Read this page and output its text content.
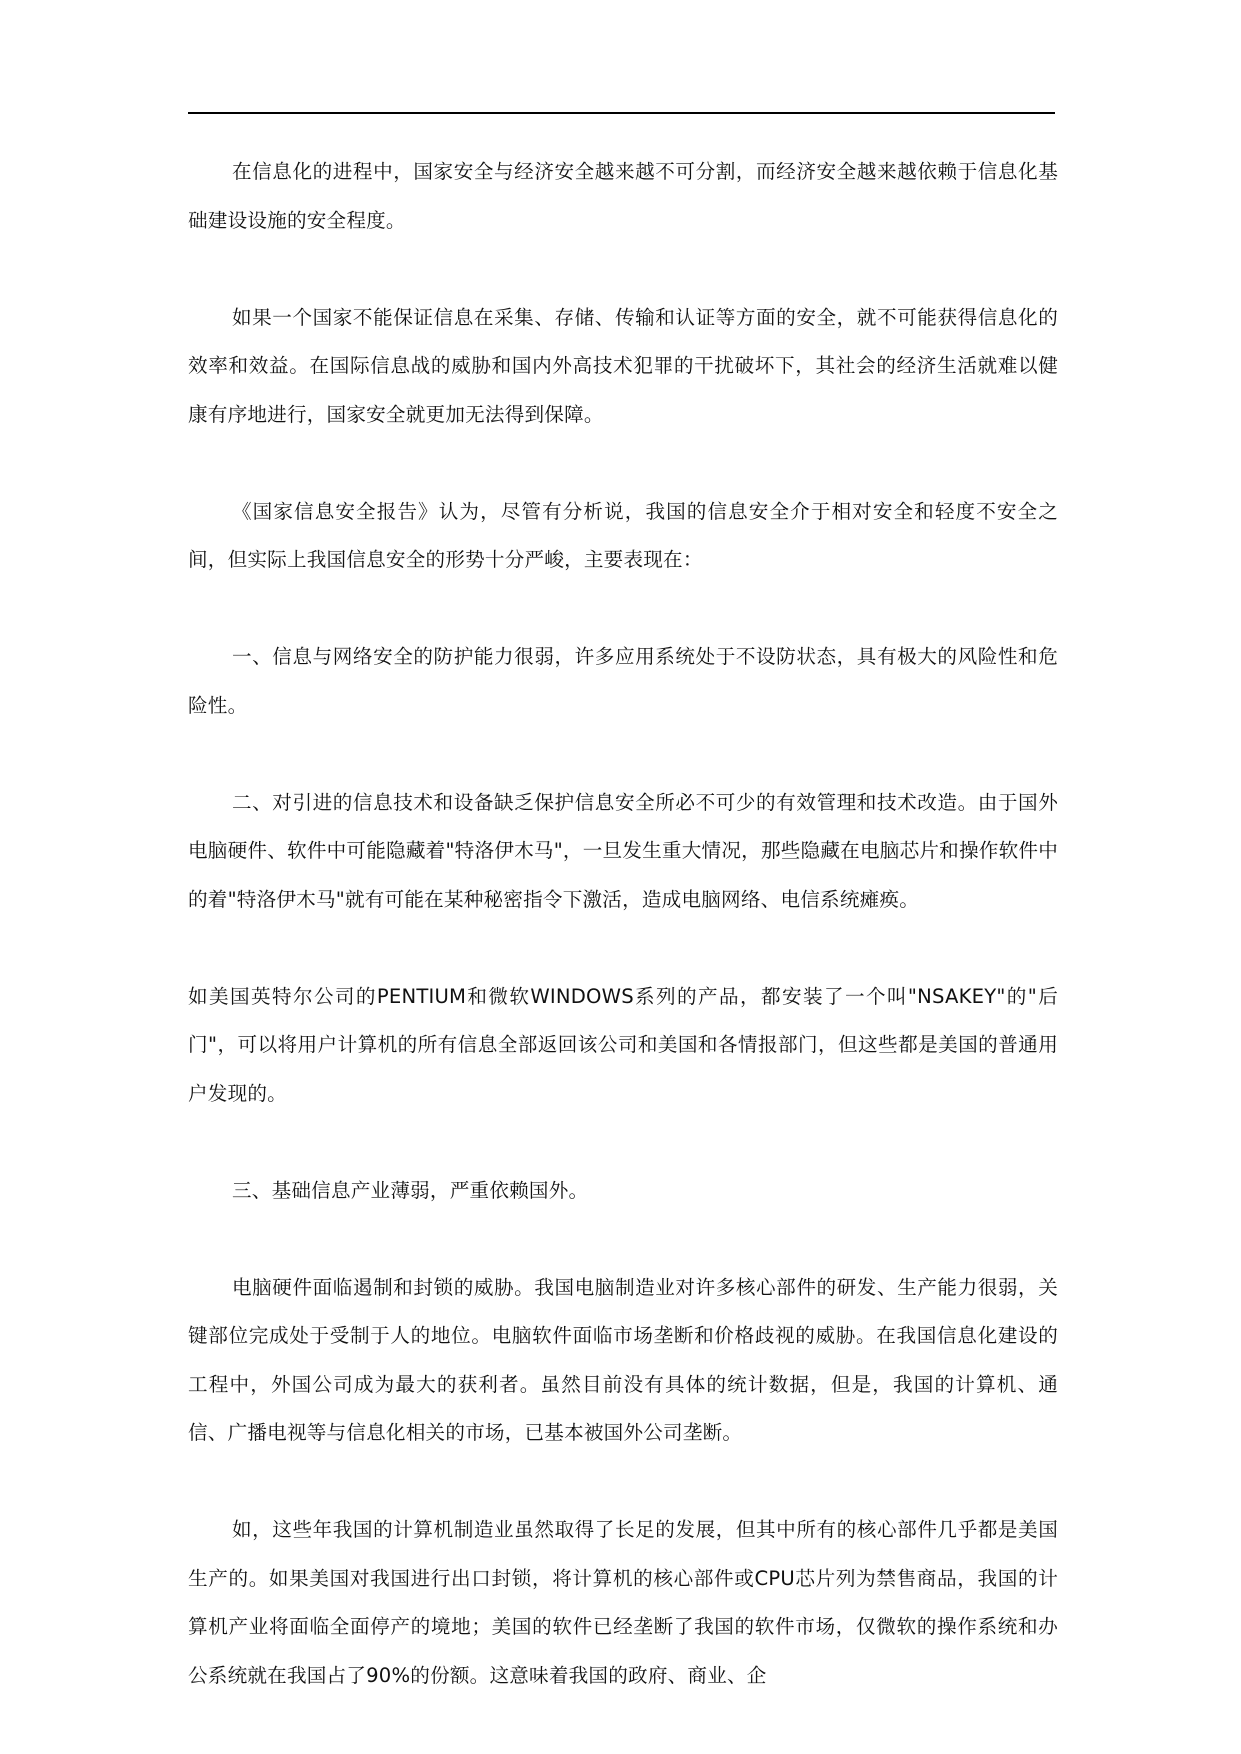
在信息化的进程中，国家安全与经济安全越来越不可分割，而经济安全越来越依赖于信息化基础建设设施的安全程度。

如果一个国家不能保证信息在采集、存储、传输和认证等方面的安全，就不可能获得信息化的效率和效益。在国际信息战的威胁和国内外高技术犯罪的干扰破坏下，其社会的经济生活就难以健康有序地进行，国家安全就更加无法得到保障。

《国家信息安全报告》认为，尽管有分析说，我国的信息安全介于相对安全和轻度不安全之间，但实际上我国信息安全的形势十分严峻，主要表现在：

一、信息与网络安全的防护能力很弱，许多应用系统处于不设防状态，具有极大的风险性和危险性。

二、对引进的信息技术和设备缺乏保护信息安全所必不可少的有效管理和技术改造。由于国外电脑硬件、软件中可能隐藏着"特洛伊木马"，一旦发生重大情况，那些隐藏在电脑芯片和操作软件中的着"特洛伊木马"就有可能在某种秘密指令下激活，造成电脑网络、电信系统瘫痪。

如美国英特尔公司的PENTIUM和微软WINDOWS系列的产品，都安装了一个叫"NSAKEY"的"后门"，可以将用户计算机的所有信息全部返回该公司和美国和各情报部门，但这些都是美国的普通用户发现的。

三、基础信息产业薄弱，严重依赖国外。

电脑硬件面临遏制和封锁的威胁。我国电脑制造业对许多核心部件的研发、生产能力很弱，关键部位完成处于受制于人的地位。电脑软件面临市场垄断和价格歧视的威胁。在我国信息化建设的工程中，外国公司成为最大的获利者。虽然目前没有具体的统计数据，但是，我国的计算机、通信、广播电视等与信息化相关的市场，已基本被国外公司垄断。

如，这些年我国的计算机制造业虽然取得了长足的发展，但其中所有的核心部件几乎都是美国生产的。如果美国对我国进行出口封锁，将计算机的核心部件或CPU芯片列为禁售商品，我国的计算机产业将面临全面停产的境地；美国的软件已经垄断了我国的软件市场，仅微软的操作系统和办公系统就在我国占了90%的份额。这意味着我国的政府、商业、企
